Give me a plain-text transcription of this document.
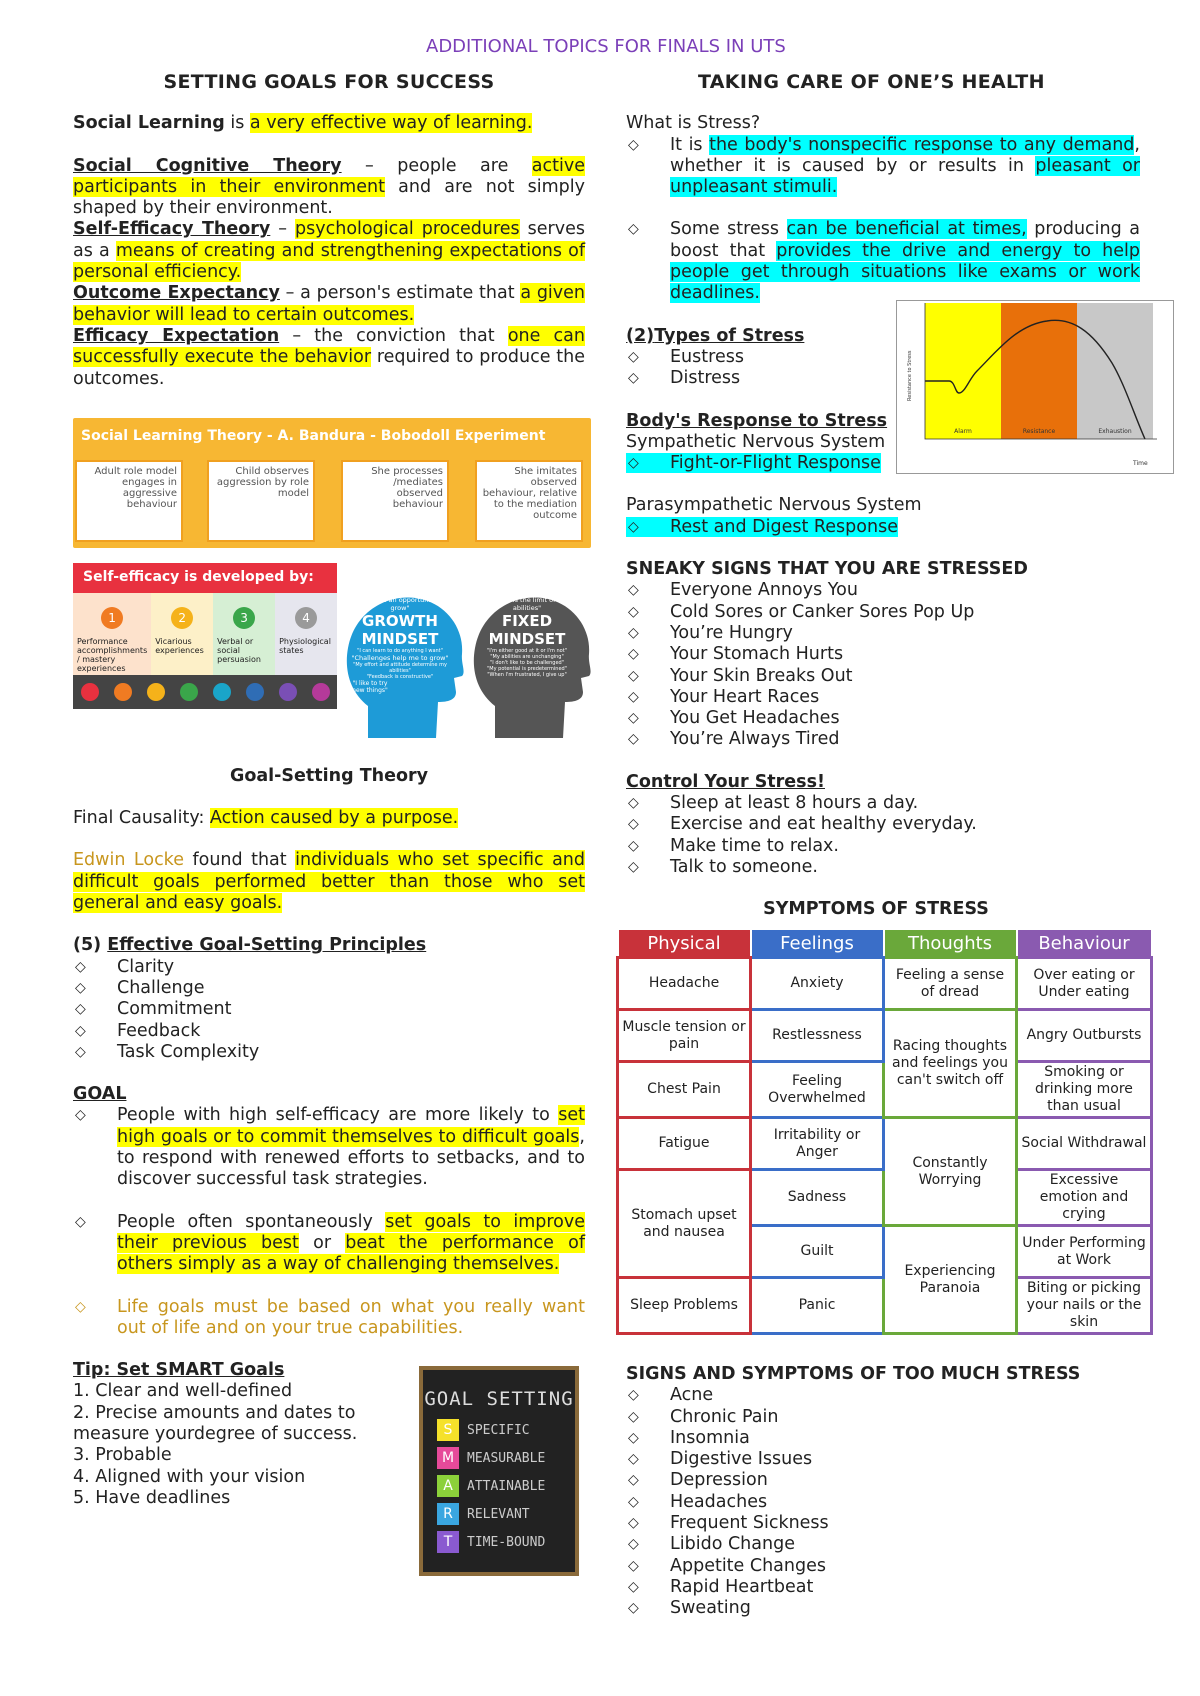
ADDITIONAL TOPICS FOR FINALS IN UTS
SETTING GOALS FOR SUCCESS

Social Learning is a very effective way of learning.

Social Cognitive Theory – people are active participants in their environment and are not simply shaped by their environment.

Self-Efficacy Theory – psychological procedures serves as a means of creating and strengthening expectations of personal efficiency.

Outcome Expectancy – a person's estimate that a given behavior will lead to certain outcomes.

Efficacy Expectation – the conviction that one can successfully execute the behavior required to produce the outcomes.

Goal-Setting Theory

Final Causality: Action caused by a purpose.

Edwin Locke found that individuals who set specific and difficult goals performed better than those who set general and easy goals.

(5) Effective Goal-Setting Principles

◇ Clarity
◇ Challenge
◇ Commitment
◇ Feedback
◇ Task Complexity

GOAL

◇ People with high self-efficacy are more likely to set high goals or to commit themselves to difficult goals, to respond with renewed efforts to setbacks, and to discover successful task strategies.
◇ People often spontaneously set goals to improve their previous best or beat the performance of others simply as a way of challenging themselves.
◇ Life goals must be based on what you really want out of life and on your true capabilities.

Tip: Set SMART Goals

1. Clear and well-defined

2. Precise amounts and dates to measure yourdegree of success.

3. Probable

4. Aligned with your vision

5. Have deadlines

Social Learning Theory - A. Bandura - Bobodoll Experiment
Adult role model engages in aggressive behaviour
Child observes aggression by role model
She processes /mediates observed behaviour
She imitates observed behaviour, relative to the mediation outcome
Self-efficacy is developed by:
1
Performance accomplishments / mastery experiences
2
Vicarious experiences
3
Verbal or social persuasion
4
Physiological states
"Failure is an opportunity to grow"
GROWTH
MINDSET
"I can learn to do anything I want"
"Challenges help me to grow"
"My effort and attitude determine my abilities"
"Feedback is constructive"
"I like to try new things"
"Failure is the limit of my abilities"
FIXED
MINDSET
"I'm either good at it or I'm not"
"My abilities are unchanging"
"I don't like to be challenged"
"My potential is predetermined"
"When I'm frustrated, I give up"
GOAL SETTING
S	SPECIFIC
M MEASURABLE
A	ATTAINABLE
R	RELEVANT
T	TIME-BOUND
TAKING CARE OF ONE’S HEALTH

What is Stress?

◇ It is the body's nonspecific response to any demand, whether it is caused by or results in pleasant or unpleasant stimuli.
◇ Some stress can be beneficial at times, producing a boost that provides the drive and energy to help people get through situations like exams or work deadlines.

(2)Types of Stress

◇ Eustress
◇ Distress

Body's Response to Stress

Sympathetic Nervous System

◇ Fight-or-Flight Response

Parasympathetic Nervous System

◇ Rest and Digest Response

SNEAKY SIGNS THAT YOU ARE STRESSED

◇ Everyone Annoys You
◇ Cold Sores or Canker Sores Pop Up
◇ You’re Hungry
◇ Your Stomach Hurts
◇ Your Skin Breaks Out
◇ Your Heart Races
◇ You Get Headaches
◇ You’re Always Tired

Control Your Stress!

◇ Sleep at least 8 hours a day.
◇ Exercise and eat healthy everyday.
◇ Make time to relax.
◇ Talk to someone.

SYMPTOMS OF STRESS

Alarm	Resistance	Exhaustion
Resistance to Stress
Time
Physical	Feelings	Thoughts	Behaviour
Headache	Anxiety	Feeling a sense of dread	Over eating or Under eating
Muscle tension or pain	Restlessness	Racing thoughts and feelings you can't switch off	Angry Outbursts
Chest Pain	Feeling Overwhelmed		Smoking or drinking more than usual
Fatigue	Irritability or Anger	Constantly Worrying	Social Withdrawal
Stomach upset and nausea	Sadness		Excessive emotion and crying
	Guilt	Experiencing Paranoia	Under Performing at Work
Sleep Problems	Panic		Biting or picking your nails or the skin

SIGNS AND SYMPTOMS OF TOO MUCH STRESS

◇ Acne
◇ Chronic Pain
◇ Insomnia
◇ Digestive Issues
◇ Depression
◇ Headaches
◇ Frequent Sickness
◇ Libido Change
◇ Appetite Changes
◇ Rapid Heartbeat
◇ Sweating
